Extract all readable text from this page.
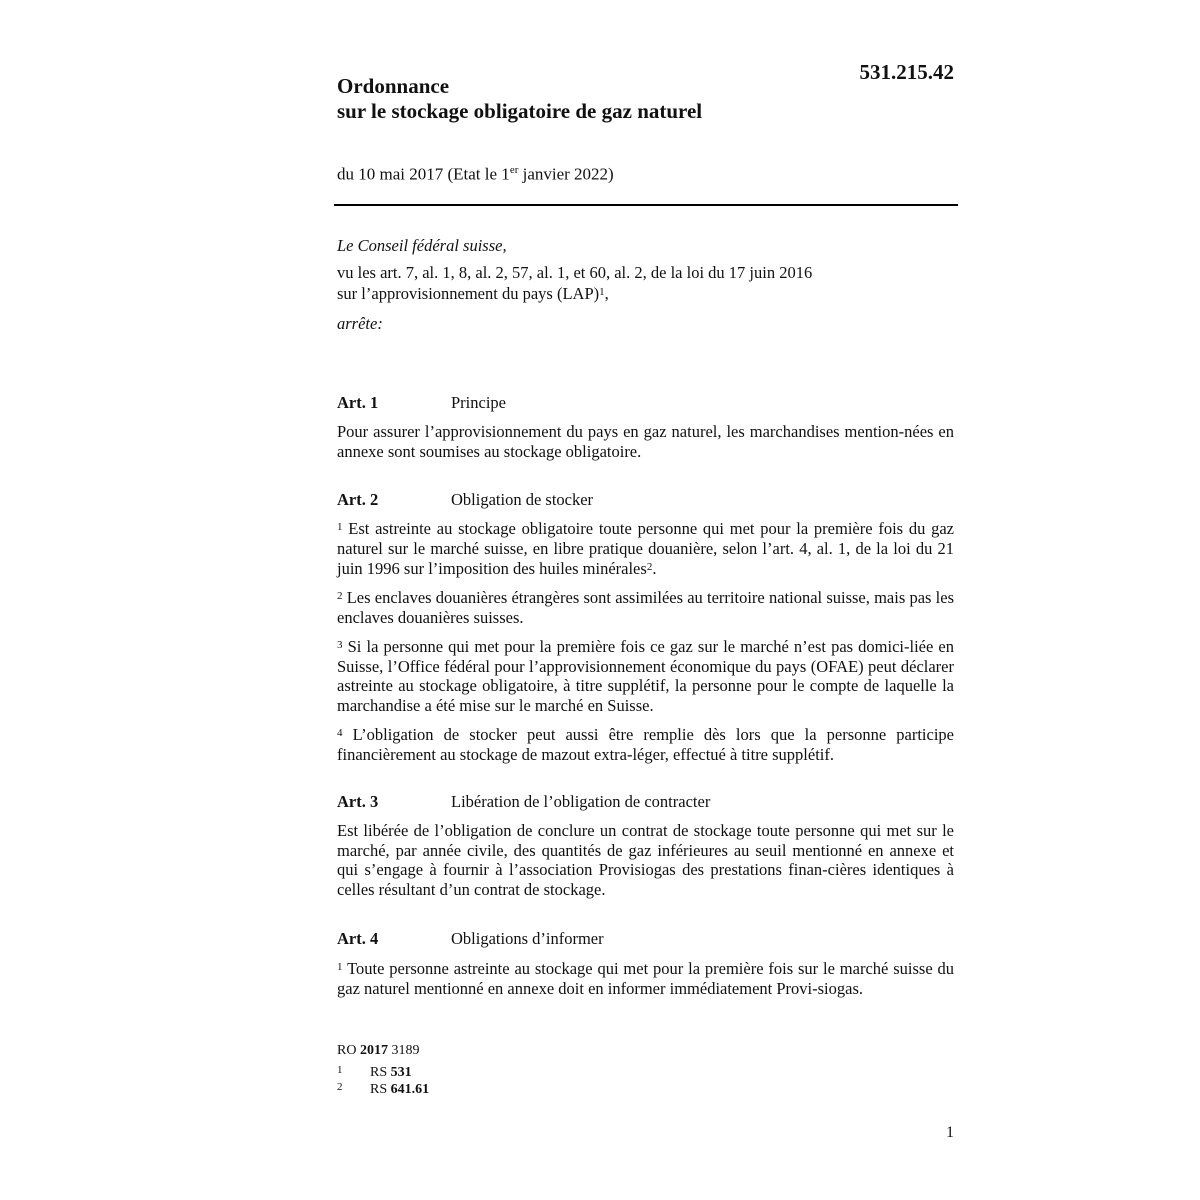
Ordonnance
sur le stockage obligatoire de gaz naturel
531.215.42
du 10 mai 2017 (Etat le 1er janvier 2022)
Le Conseil fédéral suisse,
vu les art. 7, al. 1, 8, al. 2, 57, al. 1, et 60, al. 2, de la loi du 17 juin 2016
sur l’approvisionnement du pays (LAP)$^1$,
arrête:
Art. 1	Principe
Pour assurer l’approvisionnement du pays en gaz naturel, les marchandises mention-nées en annexe sont soumises au stockage obligatoire.
Art. 2	Obligation de stocker
$^1$ Est astreinte au stockage obligatoire toute personne qui met pour la première fois du gaz naturel sur le marché suisse, en libre pratique douanière, selon l’art. 4, al. 1, de la loi du 21 juin 1996 sur l’imposition des huiles minérales$^2$.
$^2$ Les enclaves douanières étrangères sont assimilées au territoire national suisse, mais pas les enclaves douanières suisses.
$^3$ Si la personne qui met pour la première fois ce gaz sur le marché n’est pas domici-liée en Suisse, l’Office fédéral pour l’approvisionnement économique du pays (OFAE) peut déclarer astreinte au stockage obligatoire, à titre supplétif, la personne pour le compte de laquelle la marchandise a été mise sur le marché en Suisse.
$^4$ L’obligation de stocker peut aussi être remplie dès lors que la personne participe financièrement au stockage de mazout extra-léger, effectué à titre supplétif.
Art. 3	Libération de l’obligation de contracter
Est libérée de l’obligation de conclure un contrat de stockage toute personne qui met sur le marché, par année civile, des quantités de gaz inférieures au seuil mentionné en annexe et qui s’engage à fournir à l’association Provisiogas des prestations finan-cières identiques à celles résultant d’un contrat de stockage.
Art. 4	Obligations d’informer
$^1$ Toute personne astreinte au stockage qui met pour la première fois sur le marché suisse du gaz naturel mentionné en annexe doit en informer immédiatement Provi-siogas.
RO 2017 3189
1 RS 531
2 RS 641.61
1
